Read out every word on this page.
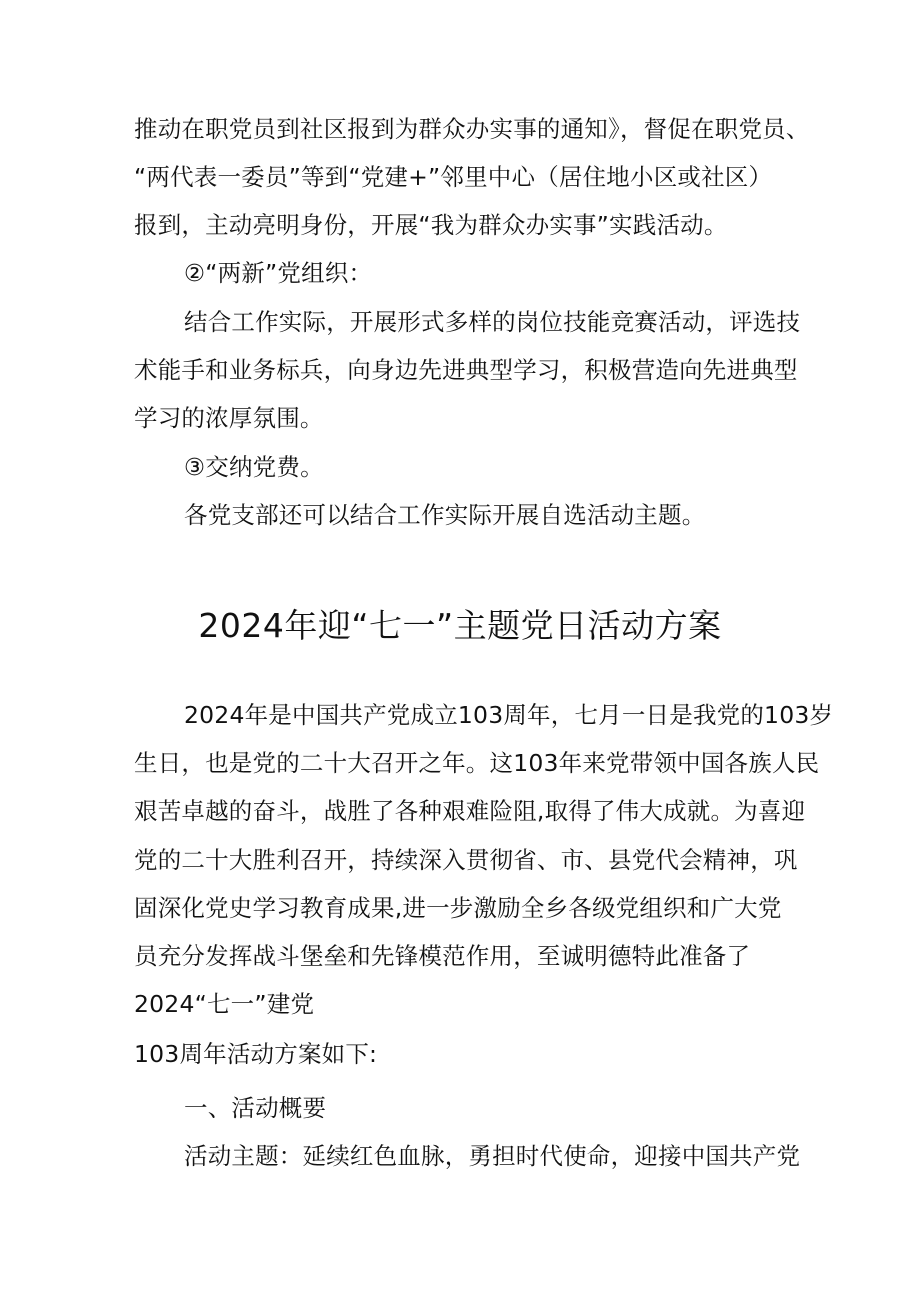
推动在职党员到社区报到为群众办实事的通知》，督促在职党员、
“两代表一委员”等到“党建+”邻里中心（居住地小区或社区）
报到，主动亮明身份，开展“我为群众办实事”实践活动。
②“两新”党组织：
结合工作实际，开展形式多样的岗位技能竞赛活动，评选技
术能手和业务标兵，向身边先进典型学习，积极营造向先进典型
学习的浓厚氛围。
③交纳党费。
各党支部还可以结合工作实际开展自选活动主题。
2024年迎“七一”主题党日活动方案
2024年是中国共产党成立103周年，七月一日是我党的103岁
生日，也是党的二十大召开之年。这103年来党带领中国各族人民
艰苦卓越的奋斗，战胜了各种艰难险阻,取得了伟大成就。为喜迎
党的二十大胜利召开，持续深入贯彻省、市、县党代会精神，巩
固深化党史学习教育成果,进一步激励全乡各级党组织和广大党
员充分发挥战斗堡垒和先锋模范作用，至诚明德特此准备了
2024“七一”建党
103周年活动方案如下:
一、活动概要
活动主题：延续红色血脉，勇担时代使命，迎接中国共产党
